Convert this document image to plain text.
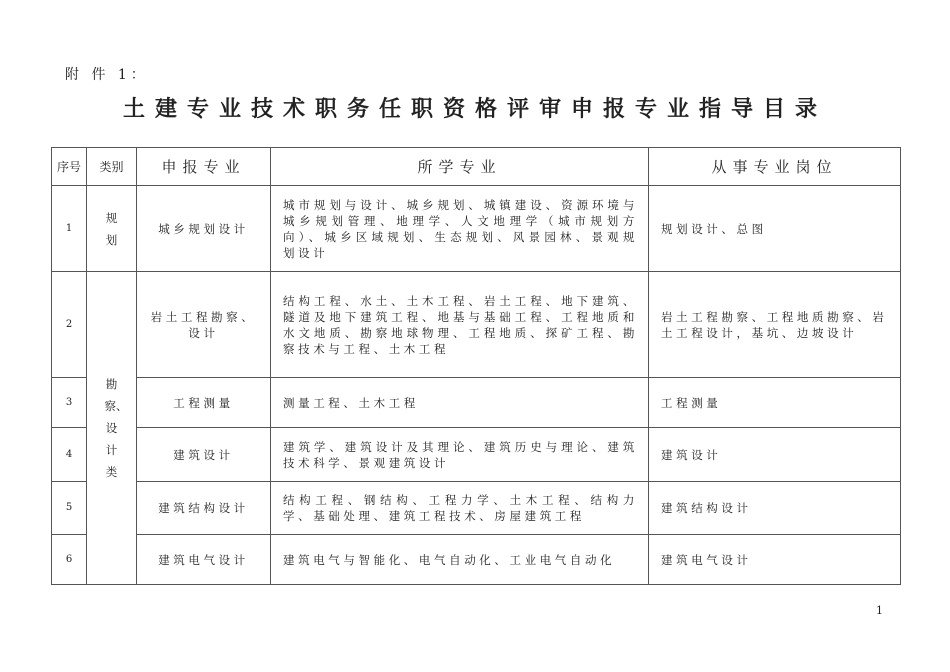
附 件 1：
土建专业技术职务任职资格评审申报专业指导目录
序号	类别	申报专业	所学专业	从事专业岗位
1	规划	城乡规划设计	城市规划与设计、城乡规划、城镇建设、资源环境与城乡规划管理、地理学、人文地理学（城市规划方向）、城乡区域规划、生态规划、风景园林、景观规划设计	规划设计、总图
2	勘察、设计类	岩土工程勘察、设计	结构工程、水土、土木工程、岩土工程、地下建筑、隧道及地下建筑工程、地基与基础工程、工程地质和水文地质、勘察地球物理、工程地质、探矿工程、勘察技术与工程、土木工程	岩土工程勘察、工程地质勘察、岩土工程设计，基坑、边坡设计
3		工程测量	测量工程、土木工程	工程测量
4		建筑设计	建筑学、建筑设计及其理论、建筑历史与理论、建筑技术科学、景观建筑设计	建筑设计
5		建筑结构设计	结构工程、钢结构、工程力学、土木工程、结构力学、基础处理、建筑工程技术、房屋建筑工程	建筑结构设计
6		建筑电气设计	建筑电气与智能化、电气自动化、工业电气自动化	建筑电气设计
1
